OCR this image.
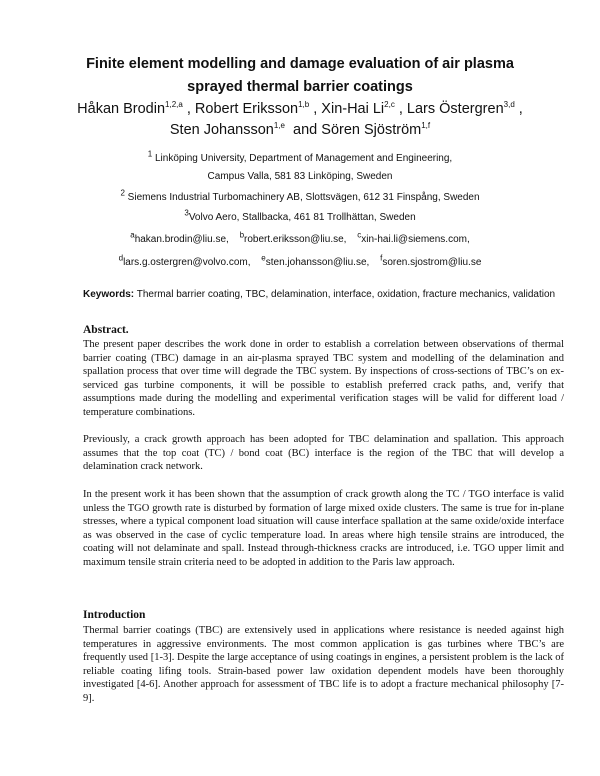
Finite element modelling and damage evaluation of air plasma sprayed thermal barrier coatings
Håkan Brodin$^{1,2,a}$ , Robert Eriksson$^{1,b}$ , Xin-Hai Li$^{2,c}$ , Lars Östergren$^{3,d}$ , Sten Johansson$^{1,e}$  and Sören Sjöström$^{1,f}$
$^1$ Linköping University, Department of Management and Engineering,
Campus Valla, 581 83 Linköping, Sweden
$^2$ Siemens Industrial Turbomachinery AB, Slottsvägen, 612 31 Finspång, Sweden
$^3$Volvo Aero, Stallbacka, 461 81 Trollhättan, Sweden
$^a$hakan.brodin@liu.se, $^b$robert.eriksson@liu.se, $^c$xin-hai.li@siemens.com,
$^d$lars.g.ostergren@volvo.com, $^e$sten.johansson@liu.se, $^f$soren.sjostrom@liu.se
Keywords: Thermal barrier coating, TBC, delamination, interface, oxidation, fracture mechanics, validation
Abstract.
The present paper describes the work done in order to establish a correlation between observations of thermal barrier coating (TBC) damage in an air-plasma sprayed TBC system and modelling of the delamination and spallation process that over time will degrade the TBC system. By inspections of cross-sections of TBC’s on ex-serviced gas turbine components, it will be possible to establish preferred crack paths, and, verify that assumptions made during the modelling and experimental verification stages will be valid for different load / temperature combinations.
Previously, a crack growth approach has been adopted for TBC delamination and spallation. This approach assumes that the top coat (TC) / bond coat (BC) interface is the region of the TBC that will develop a delamination crack network.
In the present work it has been shown that the assumption of crack growth along the TC / TGO interface is valid unless the TGO growth rate is disturbed by formation of large mixed oxide clusters. The same is true for in-plane stresses, where a typical component load situation will cause interface spallation at the same oxide/oxide interface as was observed in the case of cyclic temperature load. In areas where high tensile strains are introduced, the coating will not delaminate and spall. Instead through-thickness cracks are introduced, i.e. TGO upper limit and maximum tensile strain criteria need to be adopted in addition to the Paris law approach.
Introduction
Thermal barrier coatings (TBC) are extensively used in applications where resistance is needed against high temperatures in aggressive environments. The most common application is gas turbines where TBC’s are frequently used [1-3]. Despite the large acceptance of using coatings in engines, a persistent problem is the lack of reliable coating lifing tools. Strain-based power law oxidation dependent models have been thoroughly investigated [4-6]. Another approach for assessment of TBC life is to adopt a fracture mechanical philosophy [7-9].
